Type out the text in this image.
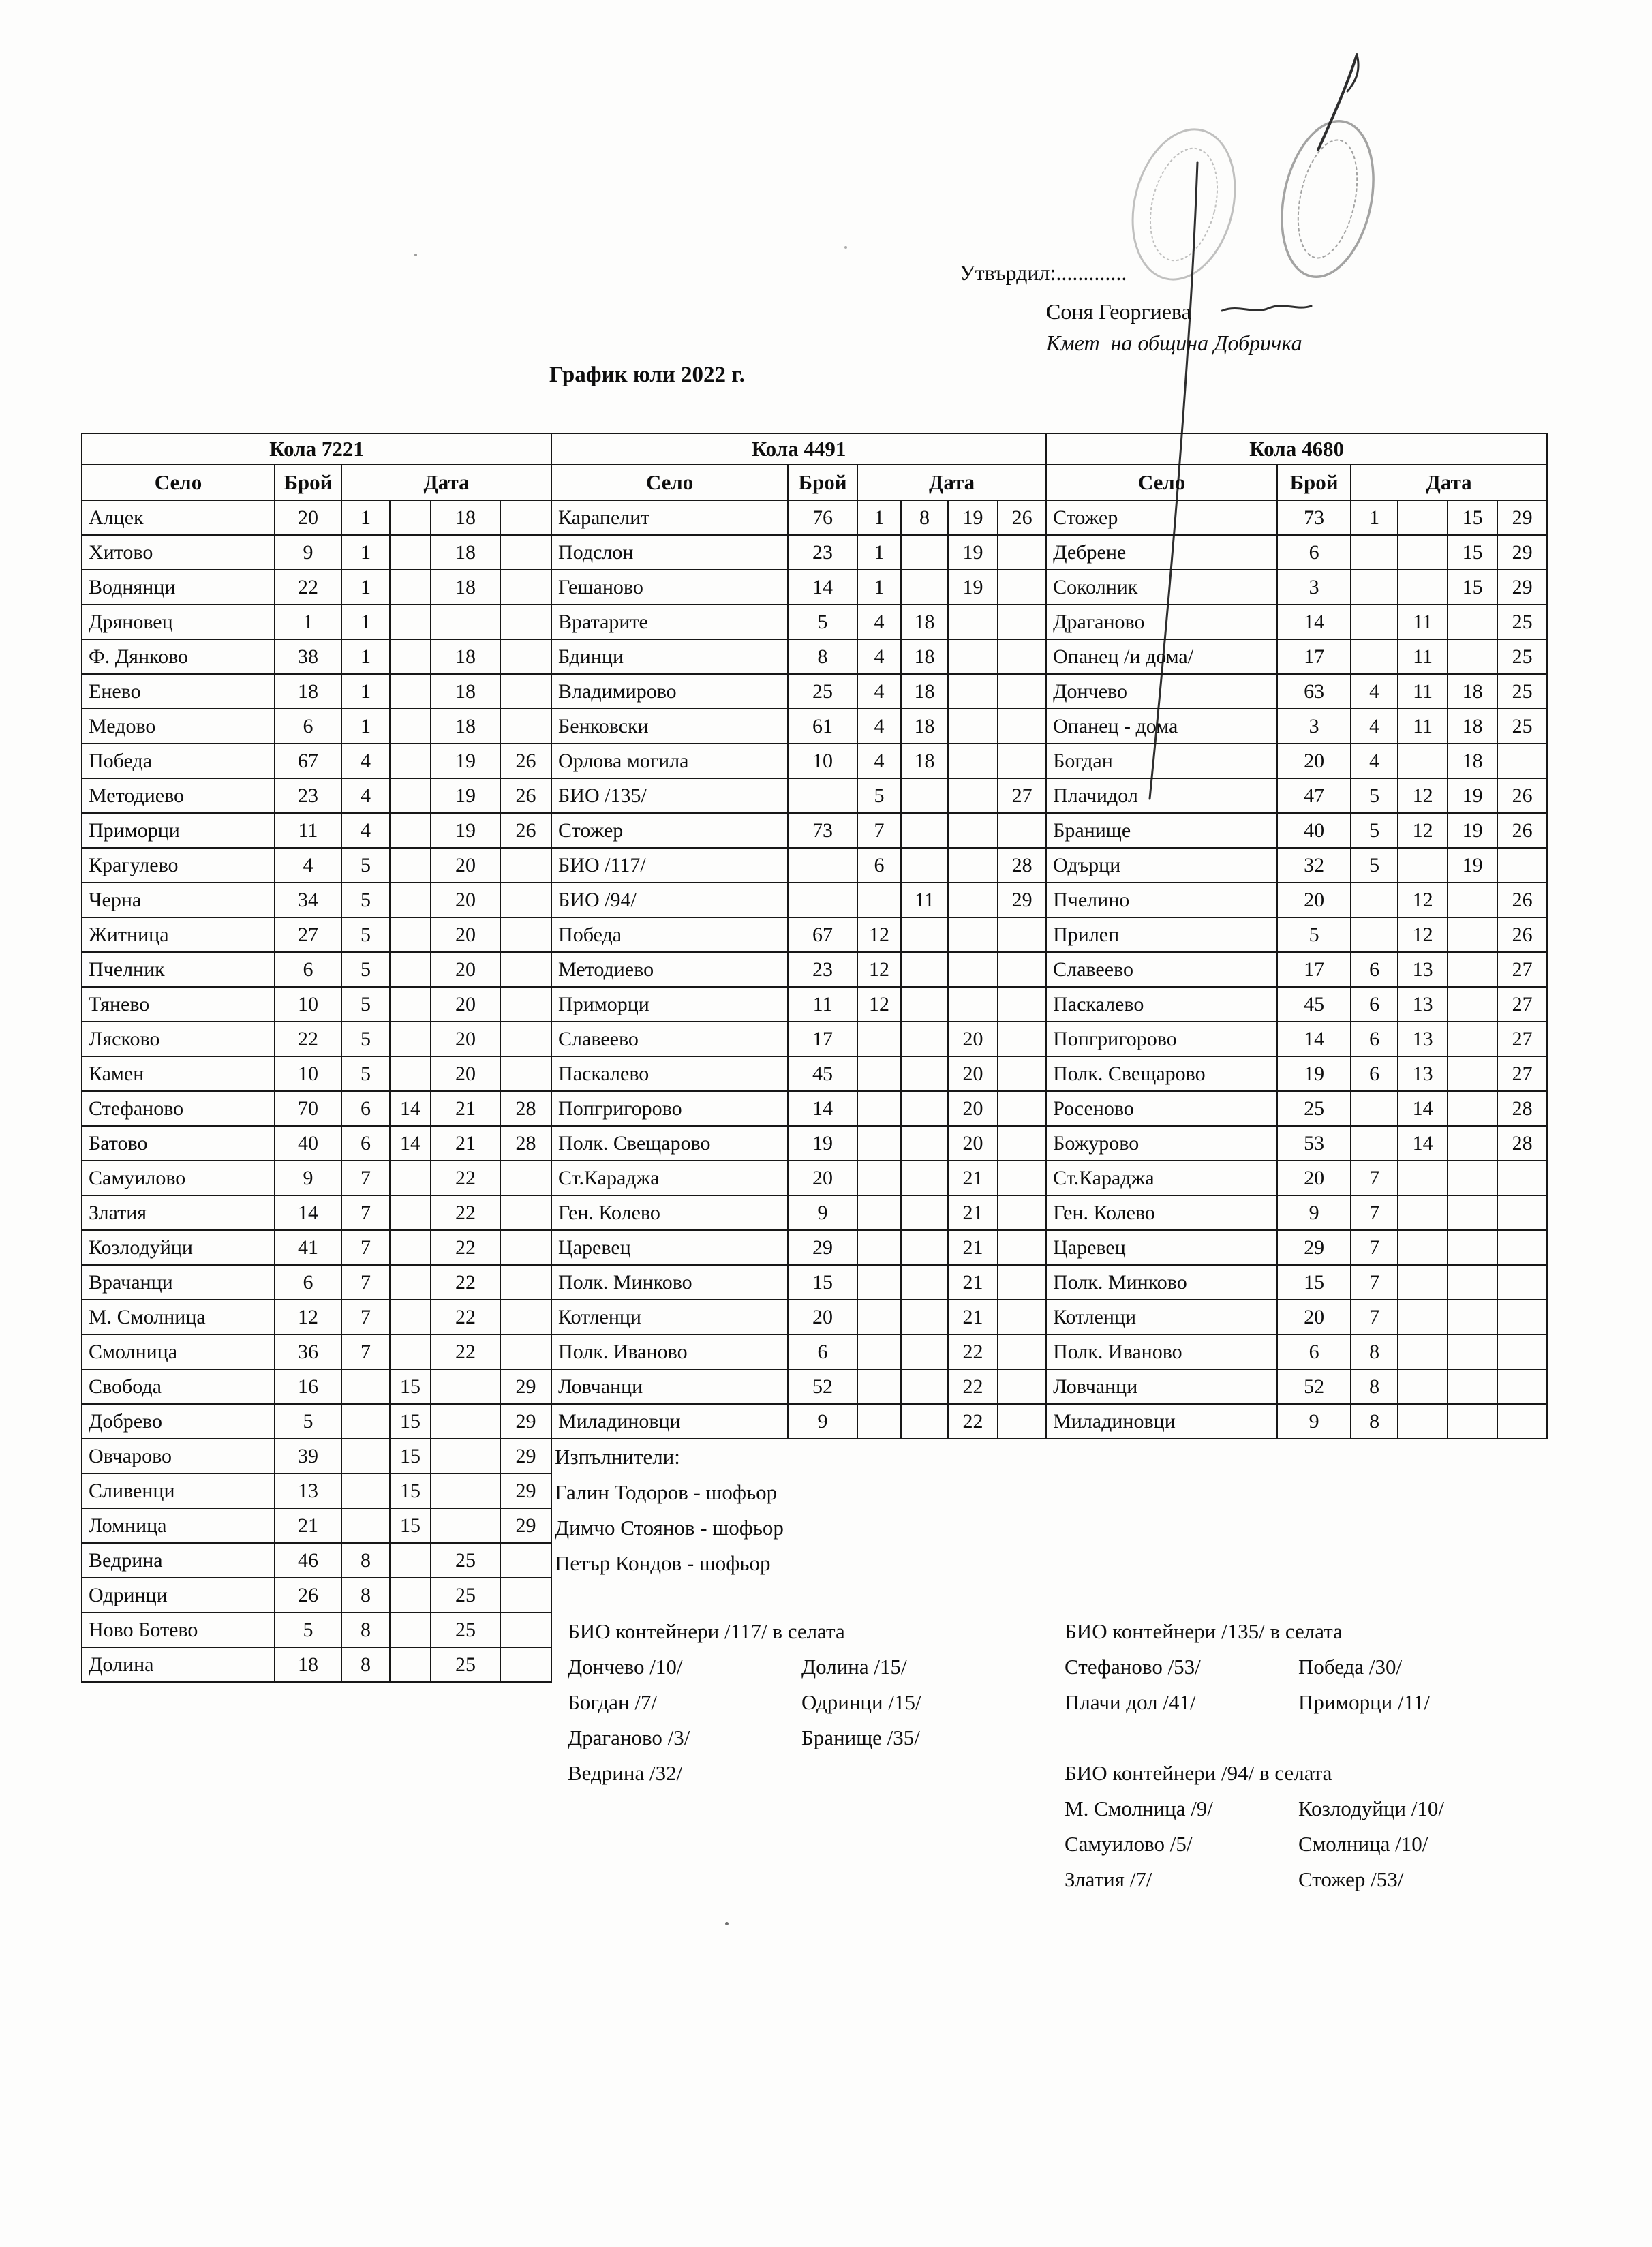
Утвърдил:.............
Соня Георгиева
Кмет  на община Добричка
График юли 2022 г.
Кола 7221					
Село	Брой	Дата			
Алцек	20	1		18	
Хитово	9	1		18	
Воднянци	22	1		18	
Дряновец	1	1			
Ф. Дянково	38	1		18	
Енево	18	1		18	
Медово	6	1		18	
Победа	67	4		19	26
Методиево	23	4		19	26
Приморци	11	4		19	26
Крагулево	4	5		20	
Черна	34	5		20	
Житница	27	5		20	
Пчелник	6	5		20	
Тянево	10	5		20	
Лясково	22	5		20	
Камен	10	5		20	
Стефаново	70	6	14	21	28
Батово	40	6	14	21	28
Самуилово	9	7		22	
Златия	14	7		22	
Козлодуйци	41	7		22	
Врачанци	6	7		22	
М. Смолница	12	7		22	
Смолница	36	7		22	
Свобода	16		15		29
Добрево	5		15		29
Овчарово	39		15		29
Сливенци	13		15		29
Ломница	21		15		29
Ведрина	46	8		25	
Одринци	26	8		25	
Ново Ботево	5	8		25	
Долина	18	8		25	
Кола 4491					
Село	Брой	Дата			
Карапелит	76	1	8	19	26
Подслон	23	1		19	
Гешаново	14	1		19	
Вратарите	5	4	18		
Бдинци	8	4	18		
Владимирово	25	4	18		
Бенковски	61	4	18		
Орлова могила	10	4	18		
БИО /135/		5			27
Стожер	73	7			
БИО /117/		6			28
БИО /94/			11		29
Победа	67	12			
Методиево	23	12			
Приморци	11	12			
Славеево	17			20	
Паскалево	45			20	
Попгригорово	14			20	
Полк. Свещарово	19			20	
Ст.Караджа	20			21	
Ген. Колево	9			21	
Царевец	29			21	
Полк. Минково	15			21	
Котленци	20			21	
Полк. Иваново	6			22	
Ловчанци	52			22	
Миладиновци	9			22	
Кола 4680					
Село	Брой	Дата			
Стожер	73	1		15	29
Дебрене	6			15	29
Соколник	3			15	29
Драганово	14		11		25
Опанец /и дома/	17		11		25
Дончево	63	4	11	18	25
Опанец - дома	3	4	11	18	25
Богдан	20	4		18	
Плачидол	47	5	12	19	26
Бранище	40	5	12	19	26
Одърци	32	5		19	
Пчелино	20		12		26
Прилеп	5		12		26
Славеево	17	6	13		27
Паскалево	45	6	13		27
Попгригорово	14	6	13		27
Полк. Свещарово	19	6	13		27
Росеново	25		14		28
Божурово	53		14		28
Ст.Караджа	20	7			
Ген. Колево	9	7			
Царевец	29	7			
Полк. Минково	15	7			
Котленци	20	7			
Полк. Иваново	6	8			
Ловчанци	52	8			
Миладиновци	9	8			
Изпълнители:
Галин Тодоров - шофьор
Димчо Стоянов - шофьор
Петър Кондов - шофьор
БИО контейнери /117/ в селата
Дончево /10/	Долина /15/
Богдан /7/	Одринци /15/
Драганово /3/	Бранище /35/
Ведрина /32/
БИО контейнери /135/ в селата
Стефаново /53/	Победа /30/
Плачи дол /41/	Приморци /11/
БИО контейнери /94/ в селата
М. Смолница /9/	Козлодуйци /10/
Самуилово /5/	Смолница /10/
Златия /7/	Стожер /53/
